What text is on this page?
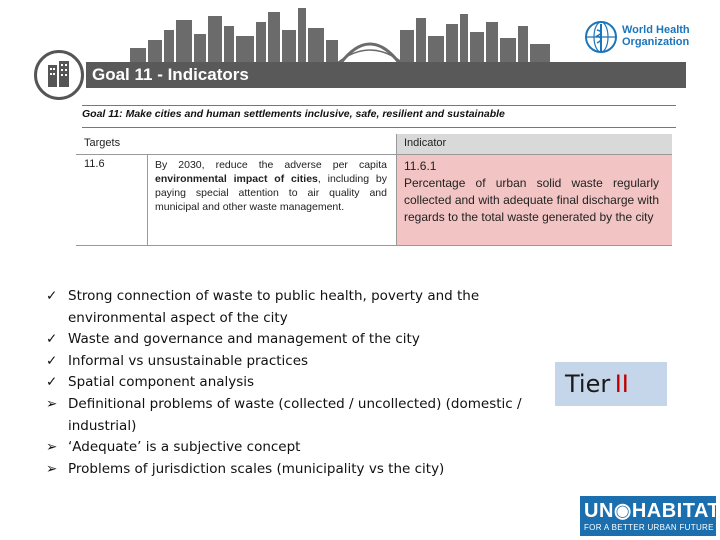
World Health
Organization
Goal 11 - Indicators
Goal 11: Make cities and human settlements inclusive, safe, resilient and sustainable
Targets	Indicator
11.6	By 2030, reduce the adverse per capita environmental impact of cities, including by paying special attention to air quality and municipal and other waste management.
11.6.1
Percentage of urban solid waste regularly collected and with adequate final discharge with regards to the total waste generated by the city
✓ Strong connection of waste to public health, poverty and the environmental aspect of the city
✓ Waste and governance and management of the city
✓ Informal vs unsustainable practices
✓ Spatial component analysis
➢ Definitional problems of waste (collected / uncollected) (domestic / industrial)
➢ ‘Adequate’ is a subjective concept
➢ Problems of jurisdiction scales (municipality vs the city)
Tier II
UN◉HABITAT
FOR A BETTER URBAN FUTURE
